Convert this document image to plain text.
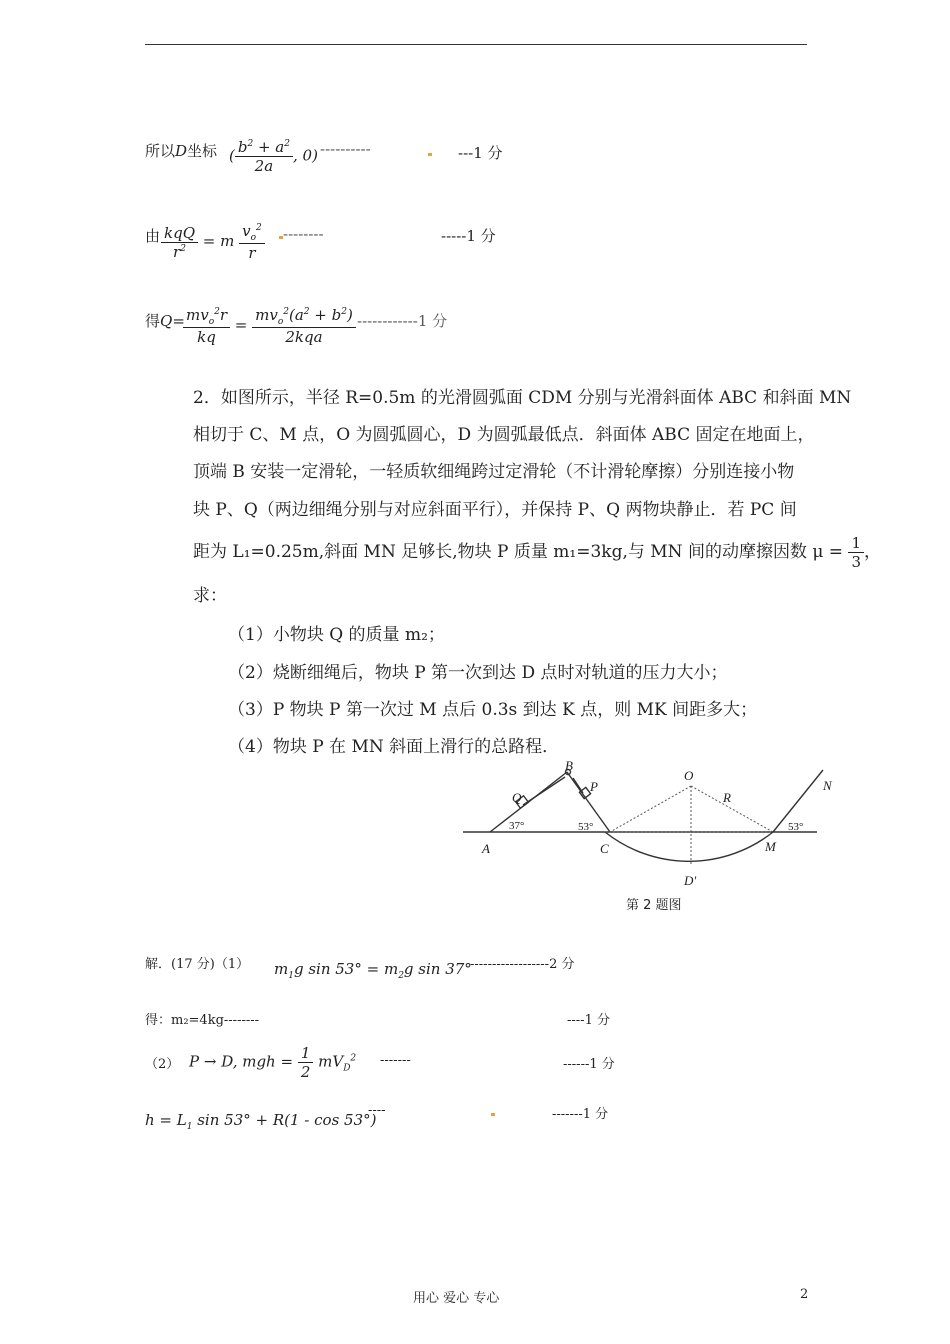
所以D坐标 ( $\frac{b^2 + a^2}{2a}$ , 0) ----------	---1 分
由 $\frac{\text{kqQ}}{r^2} = m \frac{v_o^2}{r}$ --------	-----1 分
得Q=
$\frac{mv_o^2r}{kq} = \frac{mv_o^2(a^2 + b^2)}{\text{2kqa}} ------------1$ 分
2．如图所示，半径 R=0.5m 的光滑圆弧面 CDM 分别与光滑斜面体 ABC 和斜面 MN
相切于 C、M 点，O 为圆弧圆心，D 为圆弧最低点．斜面体 ABC 固定在地面上，
顶端 B 安装一定滑轮，一轻质软细绳跨过定滑轮（不计滑轮摩擦）分别连接小物
块 P、Q（两边细绳分别与对应斜面平行），并保持 P、Q 两物块静止．若 PC 间
距为 L₁=0.25m,斜面 MN 足够长,物块 P 质量 m₁=3kg,与 MN 间的动摩擦因数 $\mu = \frac{1}{3}$ ，
求：
（1）小物块 Q 的质量 m₂；
（2）烧断细绳后，物块 P 第一次到达 D 点时对轨道的压力大小；
（3）P 物块 P 第一次过 M 点后 0.3s 到达 K 点，则 MK 间距多大；
（4）物块 P 在 MN 斜面上滑行的总路程．
B
Q
P
O
R
N
A	C	M
D'
37°	53°	53°
第 2 题图
解．(17 分)（1） $m_1g$ $\sin 53^\circ = m_2g$ sin 37°
------------------2 分
得：m₂=4kg--------	----1 分
（2） P → D, mgh = $\frac{1}{2} mV_D^2$ -------	------1 分
$h = L_1$ sin 53° + R(1 - cos 53°)
----	-------1 分
用心 爱心 专心	2
